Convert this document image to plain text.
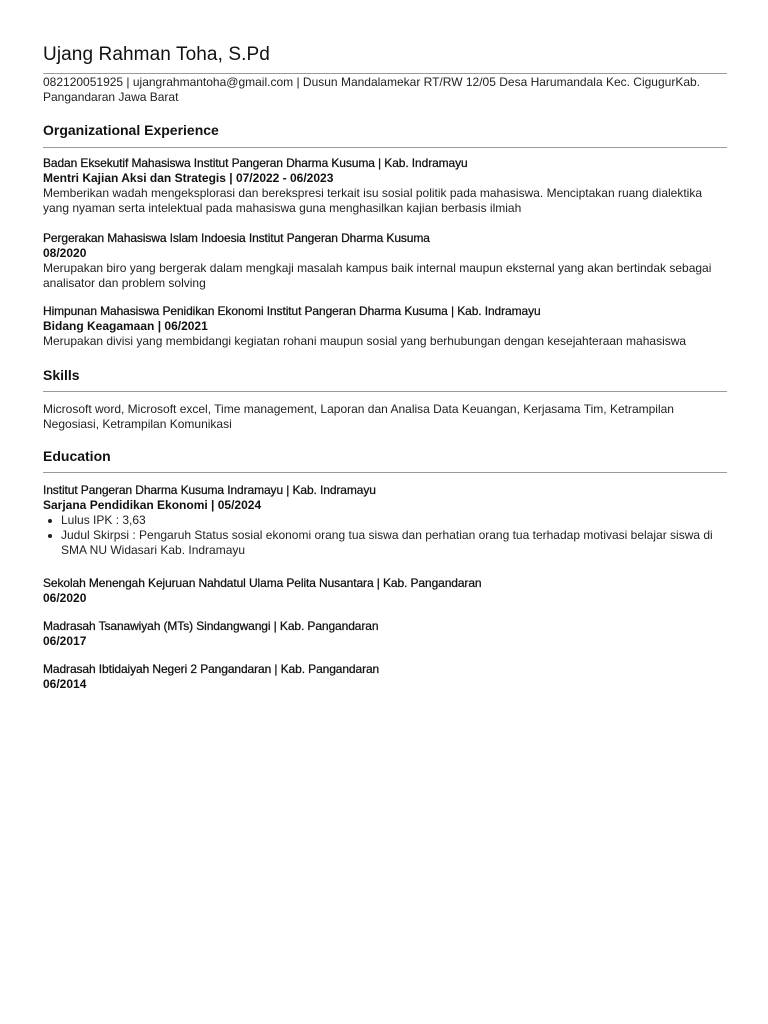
Ujang Rahman Toha, S.Pd
082120051925 | ujangrahmantoha@gmail.com | Dusun Mandalamekar RT/RW 12/05 Desa Harumandala Kec. CigugurKab. Pangandaran Jawa Barat
Organizational Experience
Badan Eksekutif Mahasiswa Institut Pangeran Dharma Kusuma | Kab. Indramayu
Mentri Kajian Aksi dan Strategis | 07/2022 - 06/2023
Memberikan wadah mengeksplorasi dan berekspresi terkait isu sosial politik pada mahasiswa. Menciptakan ruang dialektika yang nyaman serta intelektual pada mahasiswa guna menghasilkan kajian berbasis ilmiah
Pergerakan Mahasiswa Islam Indoesia Institut Pangeran Dharma Kusuma
08/2020
Merupakan biro yang bergerak dalam mengkaji masalah kampus baik internal maupun eksternal yang akan bertindak sebagai analisator dan problem solving
Himpunan Mahasiswa Penidikan Ekonomi Institut Pangeran Dharma Kusuma | Kab. Indramayu
Bidang Keagamaan | 06/2021
Merupakan divisi yang membidangi kegiatan rohani maupun sosial yang berhubungan dengan kesejahteraan mahasiswa
Skills
Microsoft word, Microsoft excel, Time management, Laporan dan Analisa Data Keuangan, Kerjasama Tim, Ketrampilan Negosiasi, Ketrampilan Komunikasi
Education
Institut Pangeran Dharma Kusuma Indramayu | Kab. Indramayu
Sarjana Pendidikan Ekonomi | 05/2024
Lulus IPK : 3,63
Judul Skirpsi : Pengaruh Status sosial ekonomi orang tua siswa dan perhatian orang tua terhadap motivasi belajar siswa di SMA NU Widasari Kab. Indramayu
Sekolah Menengah Kejuruan Nahdatul Ulama Pelita Nusantara | Kab. Pangandaran
06/2020
Madrasah Tsanawiyah (MTs) Sindangwangi | Kab. Pangandaran
06/2017
Madrasah Ibtidaiyah Negeri 2 Pangandaran | Kab. Pangandaran
06/2014
